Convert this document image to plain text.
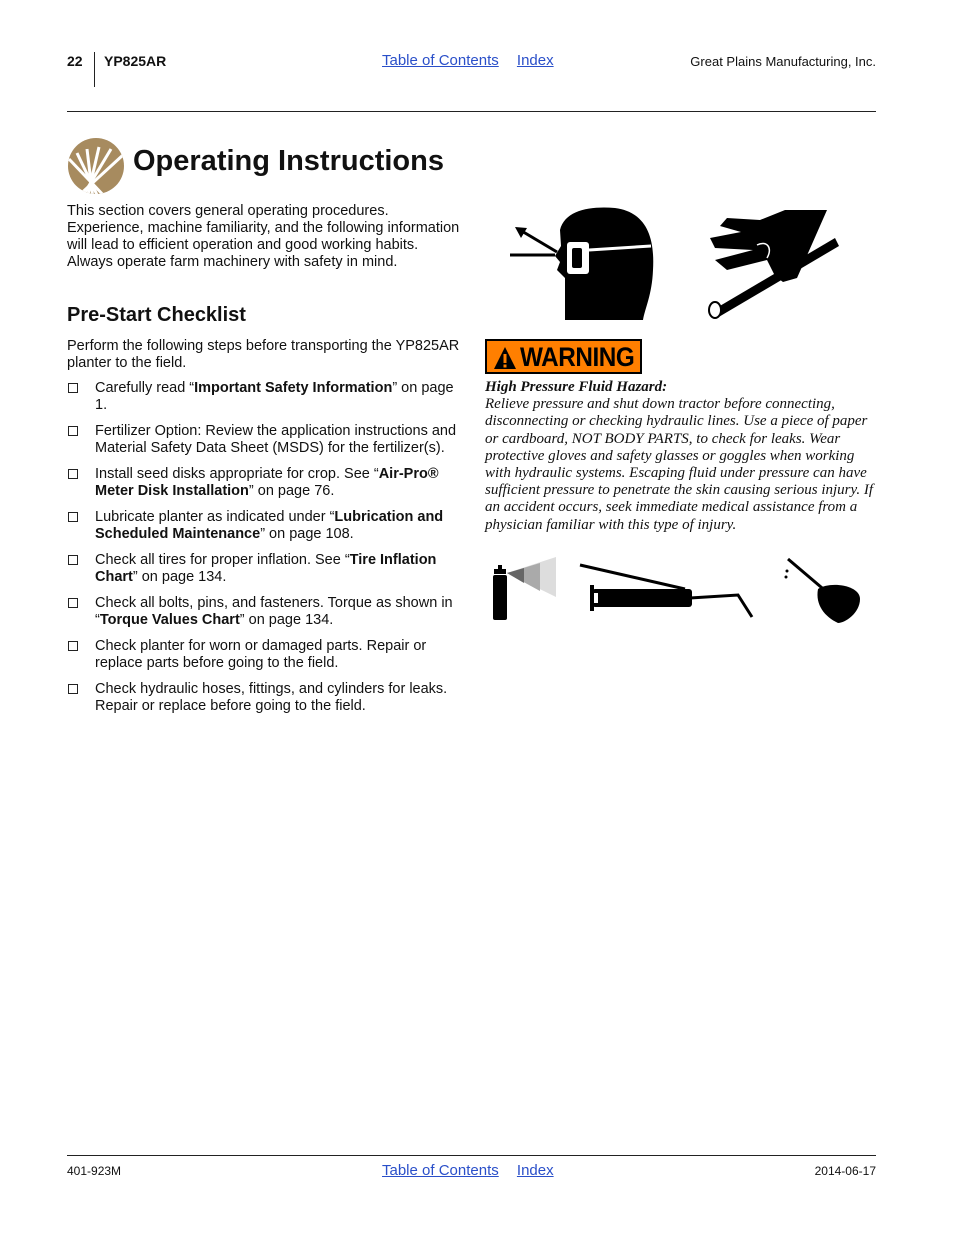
22 YP825AR	Table of Contents Index	Great Plains Manufacturing, Inc.
Operating Instructions

This section covers general operating procedures. Experience, machine familiarity, and the following information will lead to efficient operation and good working habits. Always operate farm machinery with safety in mind.

Pre-Start Checklist

Perform the following steps before transporting the YP825AR planter to the field.

Carefully read “Important Safety Information” on page 1.
Fertilizer Option: Review the application instructions and Material Safety Data Sheet (MSDS) for the fertilizer(s).
Install seed disks appropriate for crop. See “Air-Pro® Meter Disk Installation” on page 76.
Lubricate planter as indicated under “Lubrication and Scheduled Maintenance” on page 108.
Check all tires for proper inflation. See “Tire Inflation Chart” on page 134.
Check all bolts, pins, and fasteners. Torque as shown in “Torque Values Chart” on page 134.
Check planter for worn or damaged parts. Repair or replace parts before going to the field.
Check hydraulic hoses, fittings, and cylinders for leaks. Repair or replace before going to the field.
WARNING
High Pressure Fluid Hazard:
Relieve pressure and shut down tractor before connecting, disconnecting or checking hydraulic lines. Use a piece of paper or cardboard, NOT BODY PARTS, to check for leaks. Wear protective gloves and safety glasses or goggles when working with hydraulic systems. Escaping fluid under pressure can have sufficient pressure to penetrate the skin causing serious injury. If an accident occurs, seek immediate medical assistance from a physician familiar with this type of injury.
401-923M	Table of Contents Index	2014-06-17
